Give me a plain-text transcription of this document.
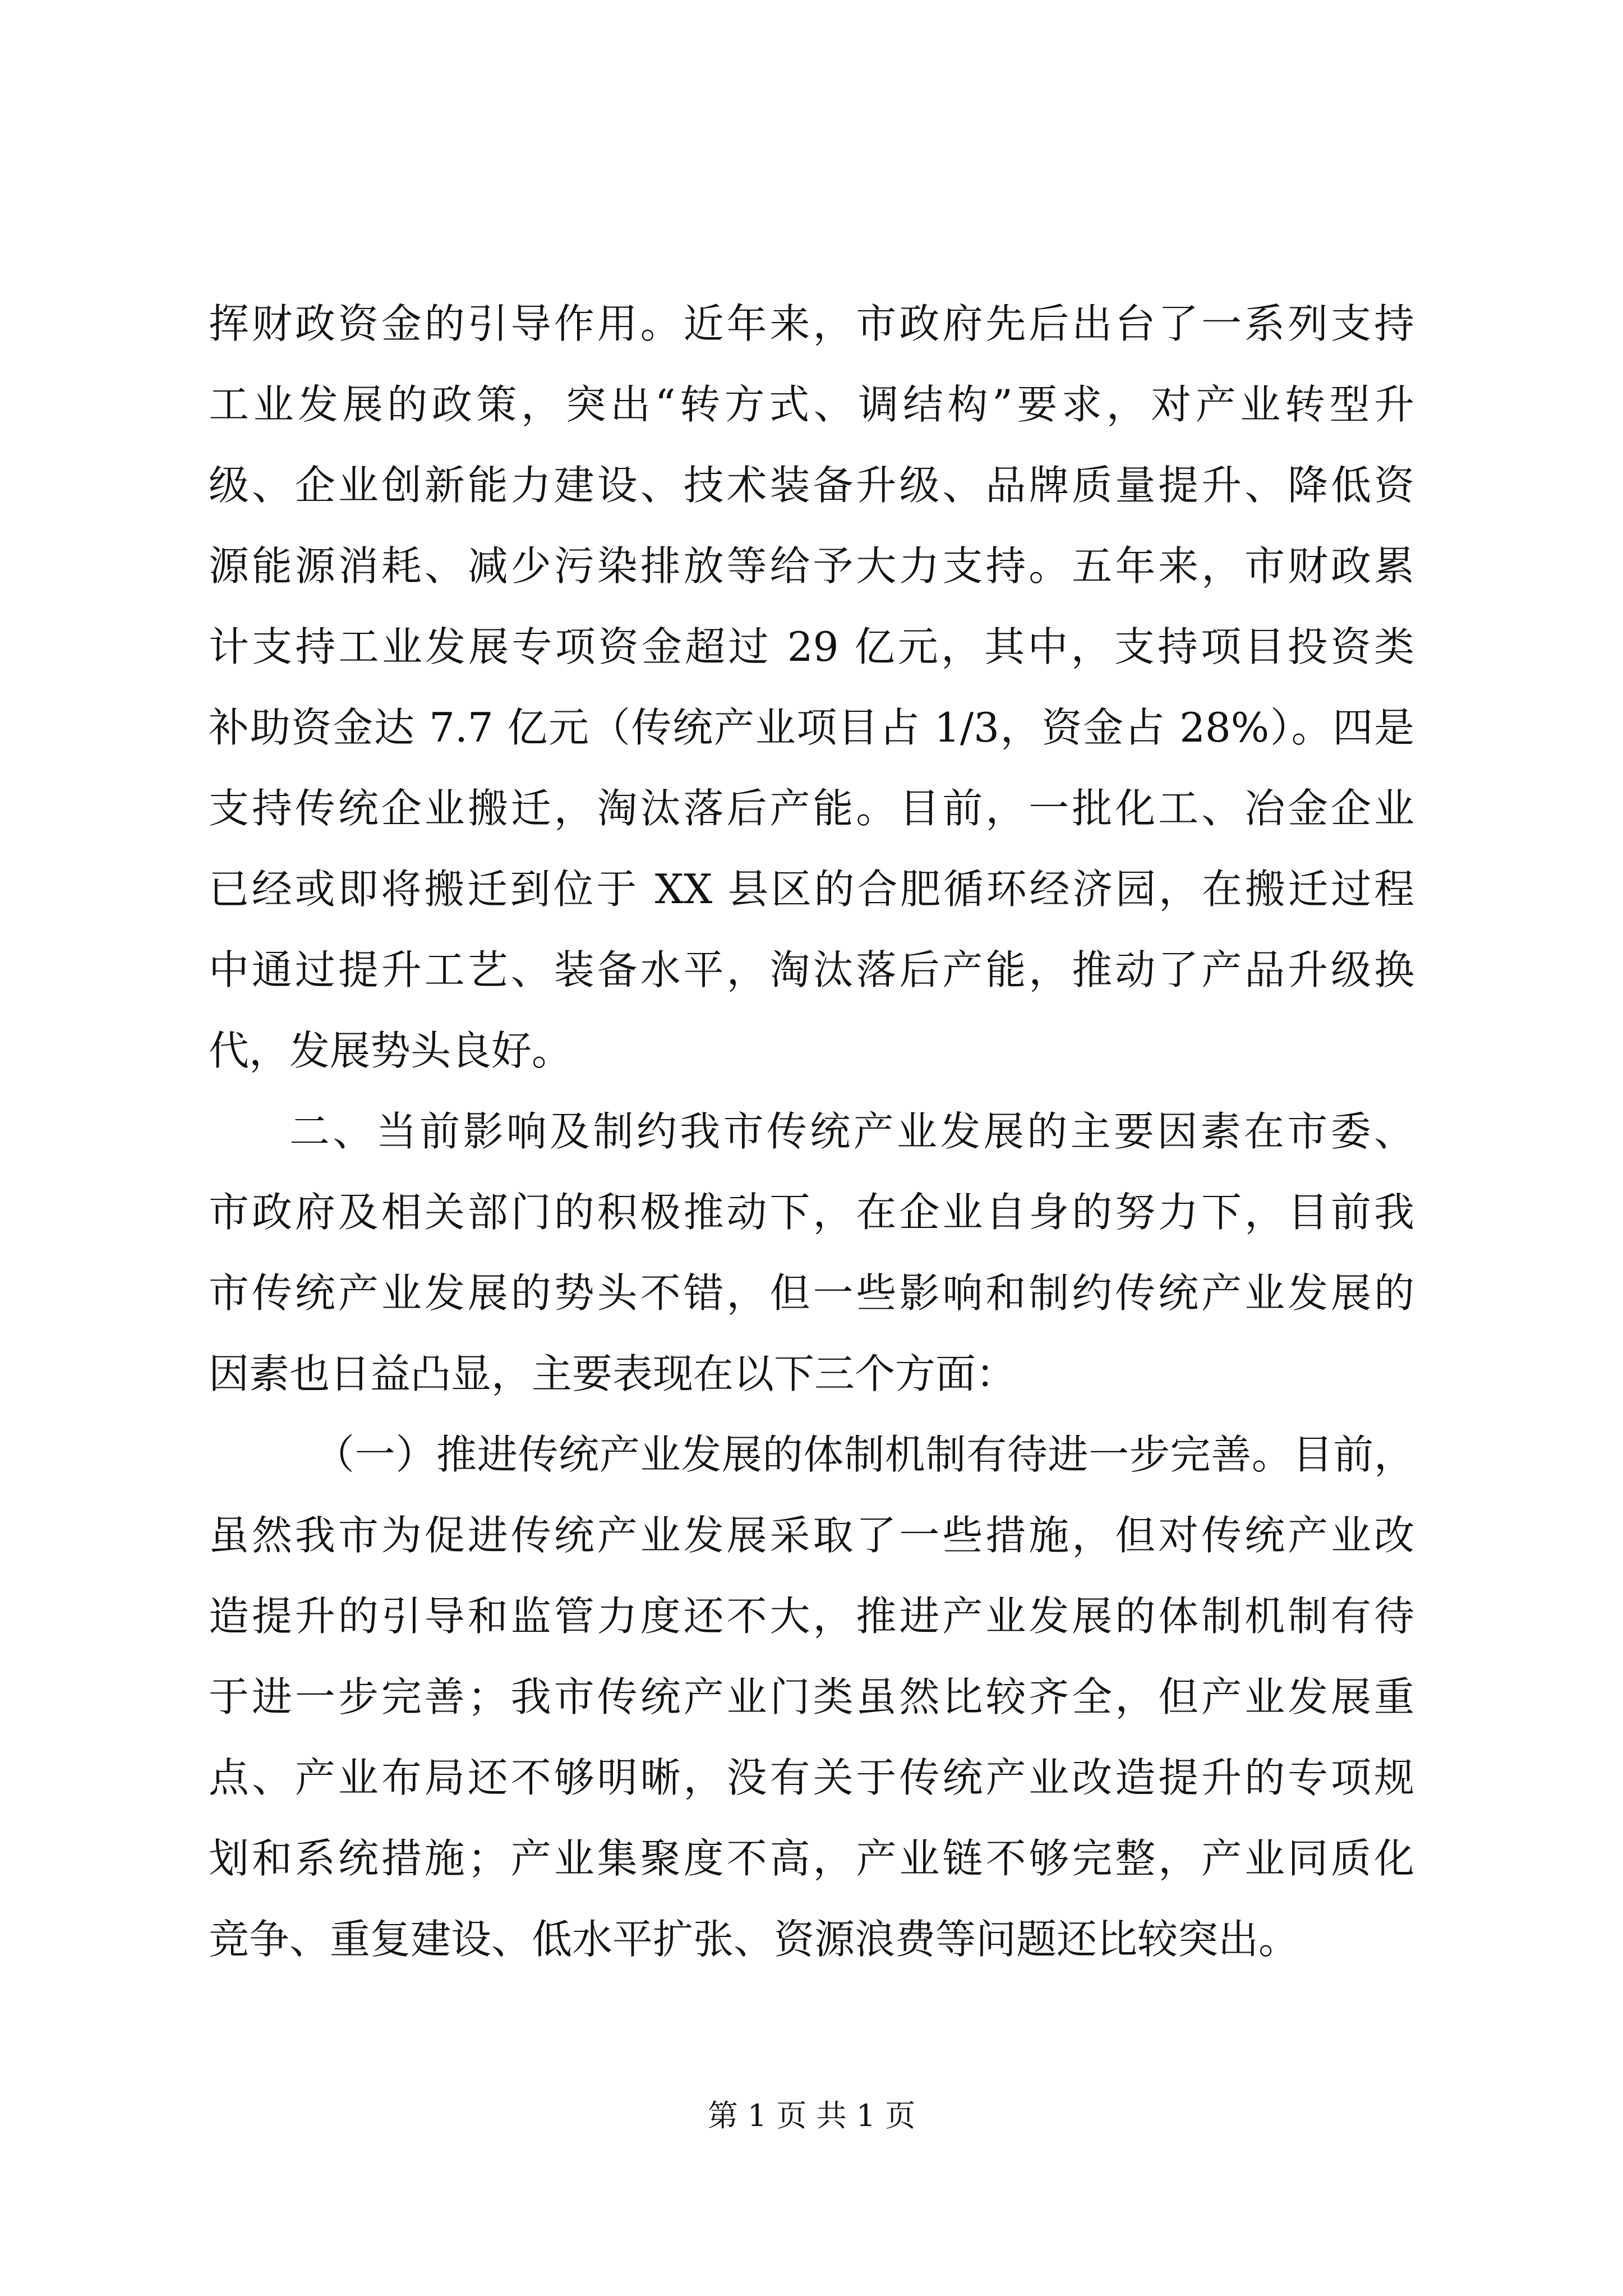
挥财政资金的引导作用。近年来，市政府先后出台了一系列支持
工业发展的政策，突出“转方式、调结构”要求，对产业转型升
级、企业创新能力建设、技术装备升级、品牌质量提升、降低资
源能源消耗、减少污染排放等给予大力支持。五年来，市财政累
计支持工业发展专项资金超过 29 亿元，其中，支持项目投资类
补助资金达 7.7 亿元（传统产业项目占 1/3，资金占 28%）。四是
支持传统企业搬迁，淘汰落后产能。目前，一批化工、冶金企业
已经或即将搬迁到位于 XX 县区的合肥循环经济园，在搬迁过程
中通过提升工艺、装备水平，淘汰落后产能，推动了产品升级换
代，发展势头良好。
二、当前影响及制约我市传统产业发展的主要因素在市委、
市政府及相关部门的积极推动下，在企业自身的努力下，目前我
市传统产业发展的势头不错，但一些影响和制约传统产业发展的
因素也日益凸显，主要表现在以下三个方面：
（一）推进传统产业发展的体制机制有待进一步完善。目前，
虽然我市为促进传统产业发展采取了一些措施，但对传统产业改
造提升的引导和监管力度还不大，推进产业发展的体制机制有待
于进一步完善；我市传统产业门类虽然比较齐全，但产业发展重
点、产业布局还不够明晰，没有关于传统产业改造提升的专项规
划和系统措施；产业集聚度不高，产业链不够完整，产业同质化
竞争、重复建设、低水平扩张、资源浪费等问题还比较突出。
第 1 页 共 1 页
